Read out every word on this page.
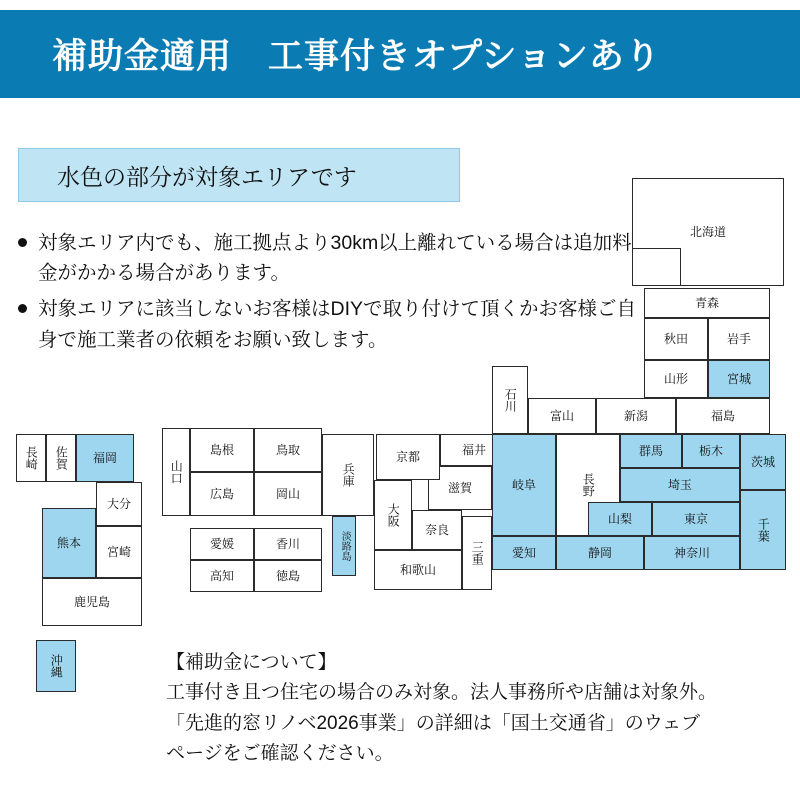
補助金適用　工事付きオプションあり
水色の部分が対象エリアです
対象エリア内でも、施工拠点より30km以上離れている場合は追加料金がかかる場合があります。
対象エリアに該当しないお客様はDIYで取り付けて頂くかお客様ご自身で施工業者の依頼をお願い致します。
北海道
青森
秋田	岩手
山形	宮城
福島
新潟
富山
石川
福井	群馬	栃木
茨城
埼玉
長野
岐阜
山梨	東京	千葉
愛知	静岡	神奈川
三重
滋賀
京都
大阪
奈良
和歌山
兵庫
淡路島
鳥取
島根
岡山
広島
山口
香川
愛媛
徳島
高知
福岡
佐賀
長崎
大分
熊本
宮崎
鹿児島
沖縄	【補助金について】
工事付き且つ住宅の場合のみ対象。法人事務所や店舗は対象外。
「先進的窓リノベ2026事業」の詳細は「国土交通省」のウェブ
ページをご確認ください。
